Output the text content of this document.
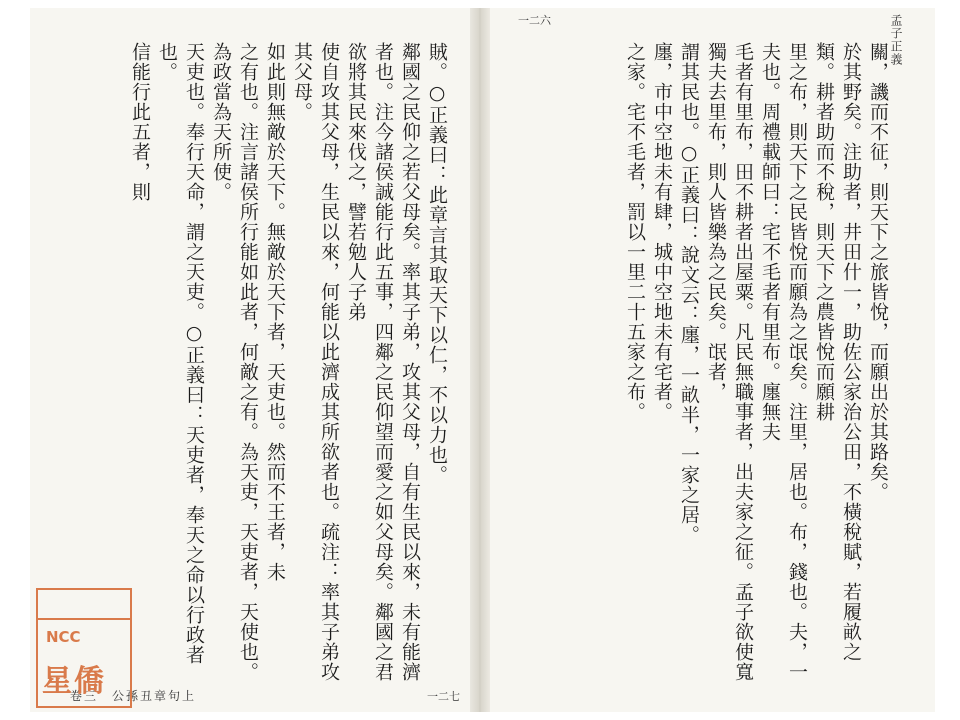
賊。○正義曰：此章言其取天下以仁，不以力也。
鄰國之民仰之若父母矣。率其子弟，攻其父母，自有生民以來，未有能濟
者也。注今諸侯誠能行此五事，四鄰之民仰望而愛之如父母矣。鄰國之君欲將其民來伐之，譬若勉人子弟
使自攻其父母，生民以來，何能以此濟成其所欲者也。疏注：率其子弟攻其父母。
如此則無敵於天下。無敵於天下者，天吏也。然而不王者，未
之有也。注言諸侯所行能如此者，何敵之有。為天吏，天吏者，天使也。為政當為天所使。
天吏也。奉行天命，謂之天吏。○正義曰：天吏者，奉天之命以行政者也。
信能行此五者，則
卷三　公孫丑章句上	一二七
一二六	孟子正義
關，譏而不征，則天下之旅皆悅，而願出於其路矣。
於其野矣。注助者，井田什一，助佐公家治公田，不橫稅賦，若履畝之類。耕者助而不稅，則天下之農皆悅而願耕
里之布，則天下之民皆悅而願為之氓矣。注里，居也。布，錢也。夫，一夫也。周禮載師曰：宅不毛者有里布。廛無夫
毛者有里布，田不耕者出屋粟。凡民無職事者，出夫家之征。孟子欲使寬獨夫去里布，則人皆樂為之民矣。氓者，
謂其民也。○正義曰：說文云：廛，一畝半，一家之居。
廛，市中空地未有肆，城中空地未有宅者。
之家。宅不毛者，罰以一里二十五家之布。
NCC
星僑
